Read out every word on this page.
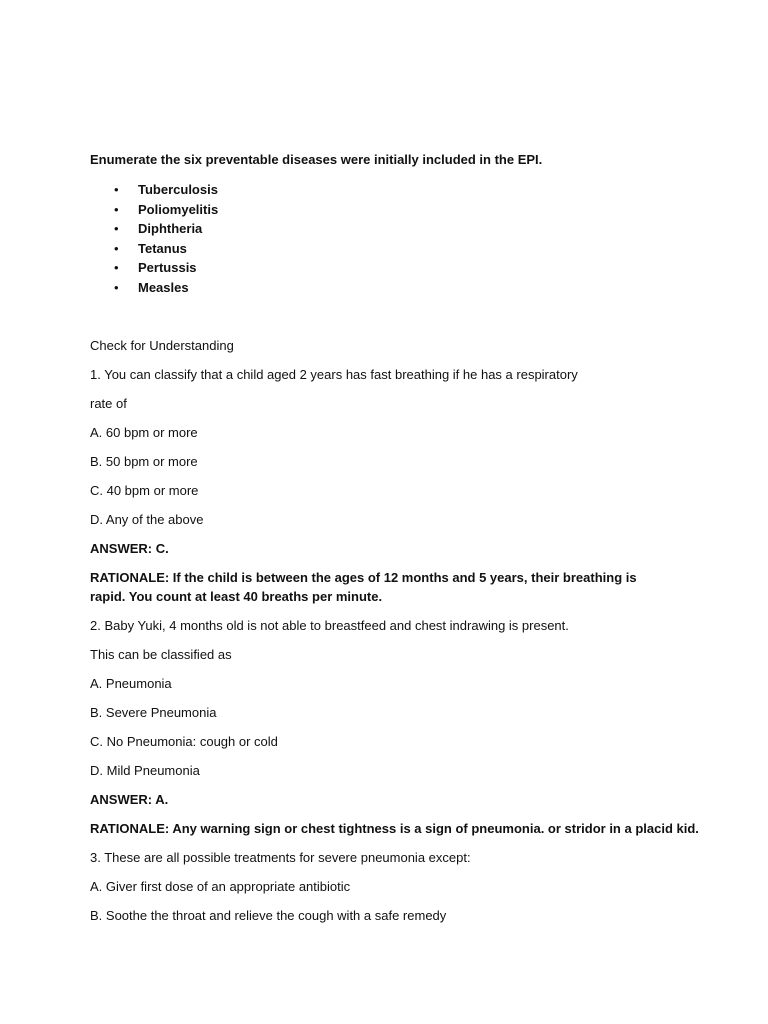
Enumerate the six preventable diseases were initially included in the EPI.
• Tuberculosis
• Poliomyelitis
• Diphtheria
• Tetanus
• Pertussis
• Measles
Check for Understanding
1. You can classify that a child aged 2 years has fast breathing if he has a respiratory
rate of
A. 60 bpm or more
B. 50 bpm or more
C. 40 bpm or more
D. Any of the above
ANSWER: C.
RATIONALE: If the child is between the ages of 12 months and 5 years, their breathing is rapid. You count at least 40 breaths per minute.
2. Baby Yuki, 4 months old is not able to breastfeed and chest indrawing is present.
This can be classified as
A. Pneumonia
B. Severe Pneumonia
C. No Pneumonia: cough or cold
D. Mild Pneumonia
ANSWER: A.
RATIONALE: Any warning sign or chest tightness is a sign of pneumonia. or stridor in a placid kid.
3. These are all possible treatments for severe pneumonia except:
A. Giver first dose of an appropriate antibiotic
B. Soothe the throat and relieve the cough with a safe remedy
